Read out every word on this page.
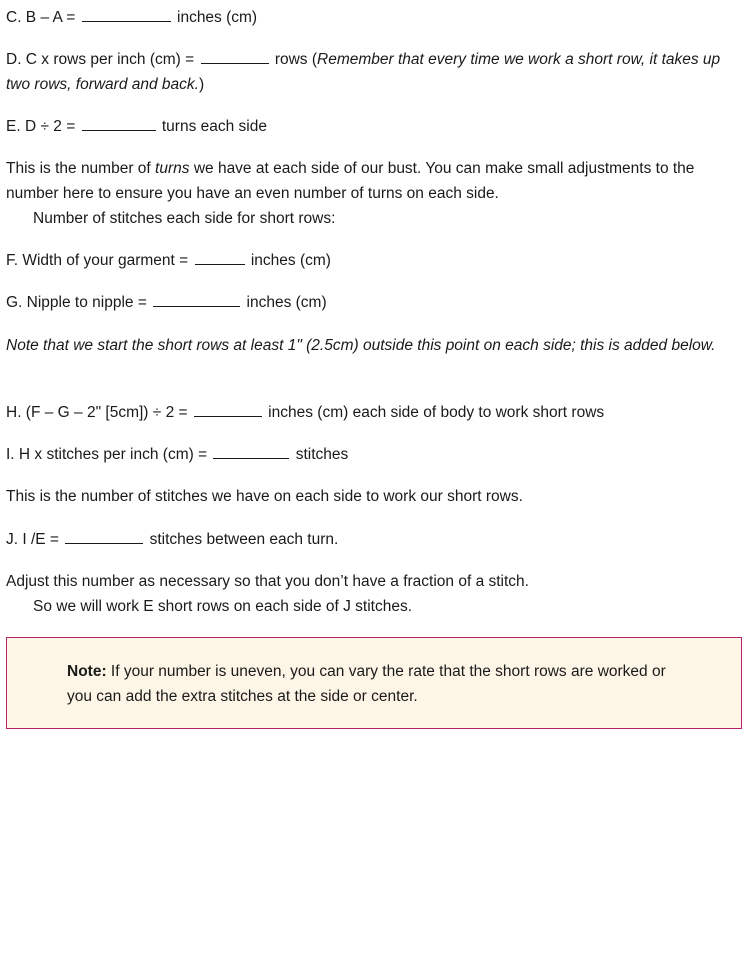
C. B – A =	inches (cm)

D. C x rows per inch (cm) =	rows (Remember that every time we work a short row, it takes up two rows, forward and back.)

E. D ÷ 2 =	turns each side

This is the number of turns we have at each side of our bust. You can make small adjustments to the number here to ensure you have an even number of turns on each side.

Number of stitches each side for short rows:

F. Width of your garment =	inches (cm)

G. Nipple to nipple =	inches (cm)

Note that we start the short rows at least 1" (2.5cm) outside this point on each side; this is added below.

H. (F – G – 2" [5cm]) ÷ 2 =	inches (cm) each side of body to work short rows

I. H x stitches per inch (cm) =	stitches

This is the number of stitches we have on each side to work our short rows.

J. I /E =	stitches between each turn.

Adjust this number as necessary so that you don’t have a fraction of a stitch.

So we will work E short rows on each side of J stitches.

Note: If your number is uneven, you can vary the rate that the short rows are worked or you can add the extra stitches at the side or center.
